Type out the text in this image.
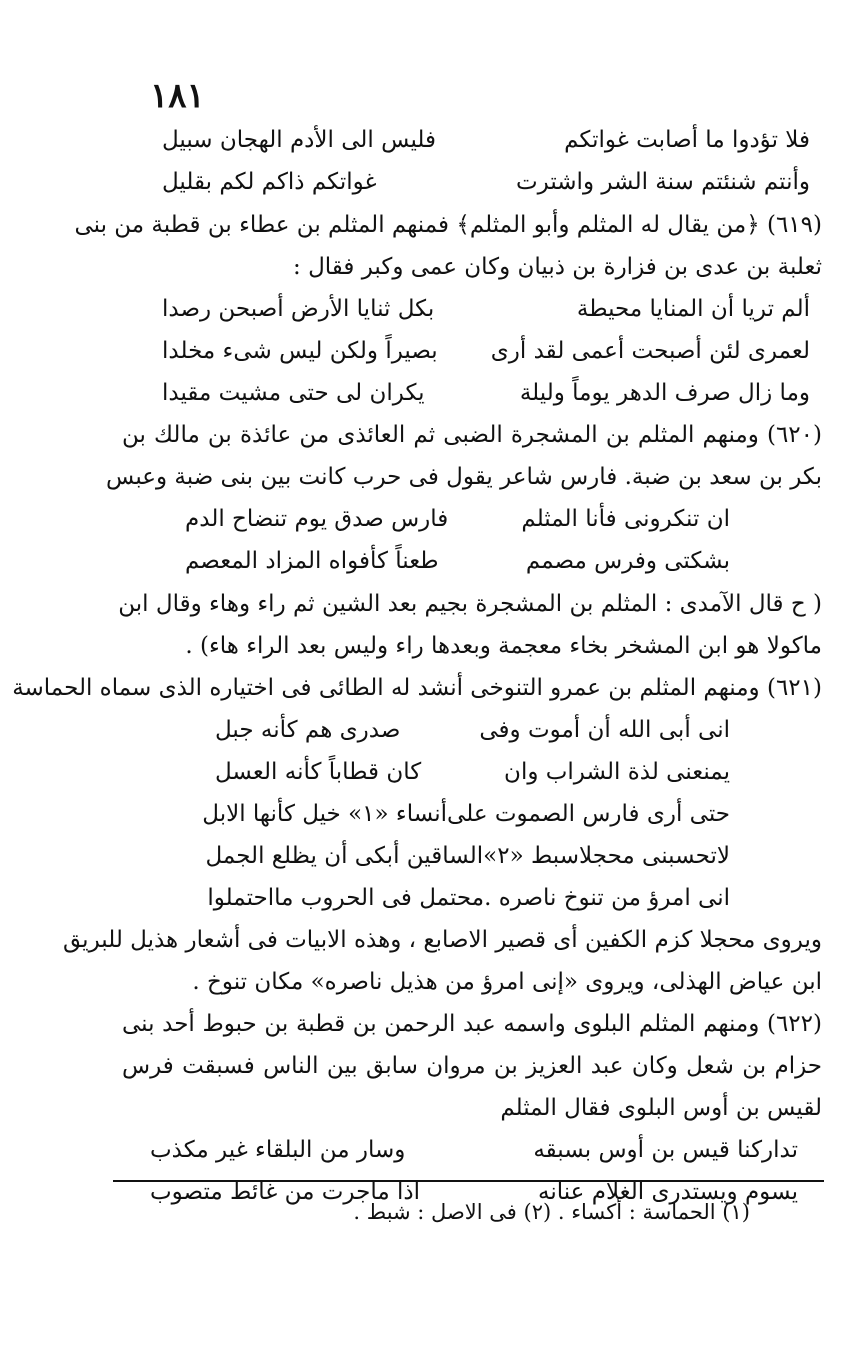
١٨١
فلا تؤدوا ما أصابت غواتكم
فليس الى الأدم الهجان سبيل
وأنتم شنئتم سنة الشر واشترت
غواتكم ذاكم لكم بقليل
(٦١٩) ﴿من يقال له المثلم وأبو المثلم﴾ فمنهم المثلم بن عطاء بن قطبة من بنى
ثعلبة بن عدى بن فزارة بن ذبيان وكان عمى وكبر فقال :
ألم تريا أن المنايا محيطة
بكل ثنايا الأرض أصبحن رصدا
لعمرى لئن أصبحت أعمى لقد أرى
بصيراً ولكن ليس شىء مخلدا
وما زال صرف الدهر يوماً وليلة
يكران لى حتى مشيت مقيدا
(٦٢٠) ومنهم المثلم بن المشجرة الضبى ثم العائذى من عائذة بن مالك بن
بكر بن سعد بن ضبة. فارس شاعر يقول فى حرب كانت بين بنى ضبة وعبس
ان تنكرونى فأنا المثلم
فارس صدق يوم تنضاح الدم
بشكتى وفرس مصمم
طعناً كأفواه المزاد المعصم
( ح قال الآمدى : المثلم بن المشجرة بجيم بعد الشين ثم راء وهاء وقال ابن
ماكولا هو ابن المشخر بخاء معجمة وبعدها راء وليس بعد الراء هاء) .
(٦٢١) ومنهم المثلم بن عمرو التنوخى أنشد له الطائى فى اختياره الذى سماه الحماسة
انى أبى الله أن أموت وفى
صدرى هم كأنه جبل
يمنعنى لذة الشراب وان
كان قطاباً كأنه العسل
حتى أرى فارس الصموت على
أنساء «١» خيل كأنها الابل
لاتحسبنى محجلاسبط «٢»
الساقين أبكى أن يظلع الجمل
انى امرؤ من تنوخ ناصره .
محتمل فى الحروب مااحتملوا
ويروى محجلا كزم الكفين أى قصير الاصابع ، وهذه الابيات فى أشعار هذيل للبريق
ابن عياض الهذلى، ويروى «إنى امرؤ من هذيل ناصره» مكان تنوخ .
(٦٢٢) ومنهم المثلم البلوى واسمه عبد الرحمن بن قطبة بن حبوط أحد بنى
حزام بن شعل وكان عبد العزيز بن مروان سابق بين الناس فسبقت فرس
لقيس بن أوس البلوى فقال المثلم
تداركنا قيس بن أوس بسبقه
وسار من البلقاء غير مكذب
يسوم ويستدرى الغلام عنانه
اذا ماجرت من غائط متصوب
(١) الحماسة : أكساء . (٢) فى الاصل : شبط .
